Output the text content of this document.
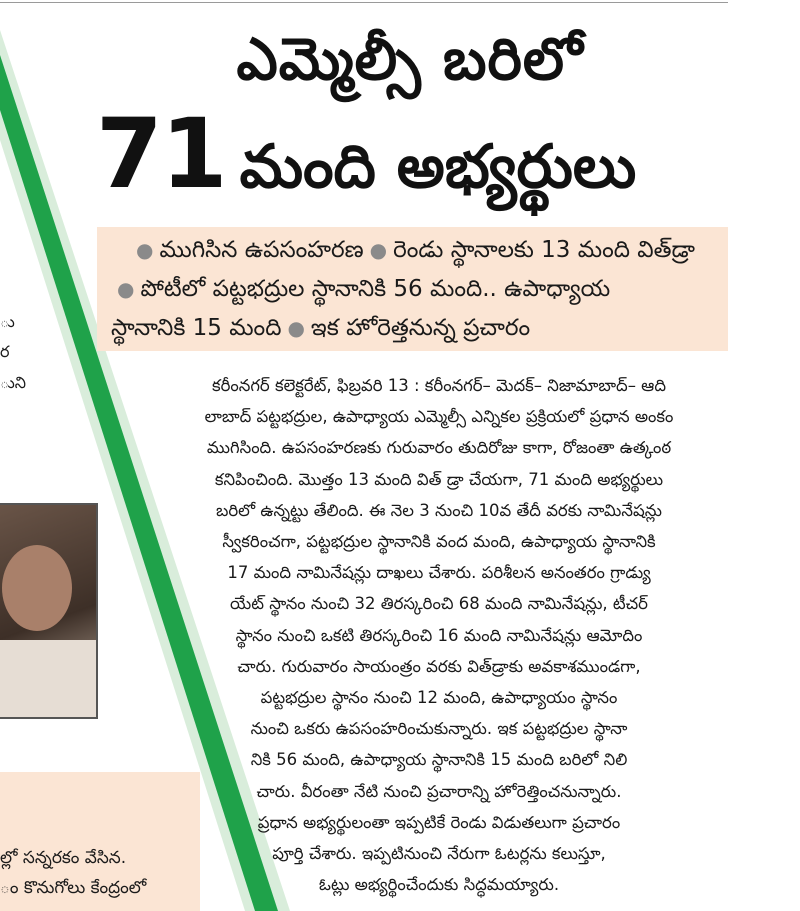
ఎమ్మెల్సీ బరిలో
71 మంది అభ్యర్థులు
● ముగిసిన ఉపసంహరణ ● రెండు స్థానాలకు 13 మంది విత్‌డ్రా
● పోటీలో పట్టభద్రుల స్థానానికి 56 మంది.. ఉపాధ్యాయ
స్థానానికి 15 మంది ● ఇక హోరెత్తనున్న ప్రచారం
కరీంనగర్ కలెక్టరేట్, ఫిబ్రవరి 13 : కరీంనగర్– మెదక్– నిజామాబాద్– ఆది
లాబాద్ పట్టభద్రుల, ఉపాధ్యాయ ఎమ్మెల్సీ ఎన్నికల ప్రక్రియలో ప్రధాన అంకం
ముగిసింది. ఉపసంహరణకు గురువారం తుదిరోజు కాగా, రోజంతా ఉత్కంఠ
కనిపించింది. మొత్తం 13 మంది విత్ డ్రా చేయగా, 71 మంది అభ్యర్థులు
బరిలో ఉన్నట్టు తేలింది. ఈ నెల 3 నుంచి 10వ తేదీ వరకు నామినేషన్లు
స్వీకరించగా, పట్టభద్రుల స్థానానికి వంద మంది, ఉపాధ్యాయ స్థానానికి
17 మంది నామినేషన్లు దాఖలు చేశారు. పరిశీలన అనంతరం గ్రాడ్యు
యేట్ స్థానం నుంచి 32 తిరస్కరించి 68 మంది నామినేషన్లు, టీచర్
స్థానం నుంచి ఒకటి తిరస్కరించి 16 మంది నామినేషన్లు ఆమోదిం
చారు. గురువారం సాయంత్రం వరకు విత్‌డ్రాకు అవకాశముండగా,
పట్టభద్రుల స్థానం నుంచి 12 మంది, ఉపాధ్యాయం స్థానం
నుంచి ఒకరు ఉపసంహరించుకున్నారు. ఇక పట్టభద్రుల స్థానా
నికి 56 మంది, ఉపాధ్యాయ స్థానానికి 15 మంది బరిలో నిలి
చారు. వీరంతా నేటి నుంచి ప్రచారాన్ని హోరెత్తించనున్నారు.
ప్రధాన అభ్యర్థులంతా ఇప్పటికే రెండు విడుతలుగా ప్రచారం
పూర్తి చేశారు. ఇప్పటినుంచి నేరుగా ఓటర్లను కలుస్తూ,
ఓట్లు అభ్యర్థించేందుకు సిద్ధమయ్యారు.
ు
ర
ుని
ల్లో సన్నరకం వేసిన.
ం కొనుగోలు కేంద్రంలో
